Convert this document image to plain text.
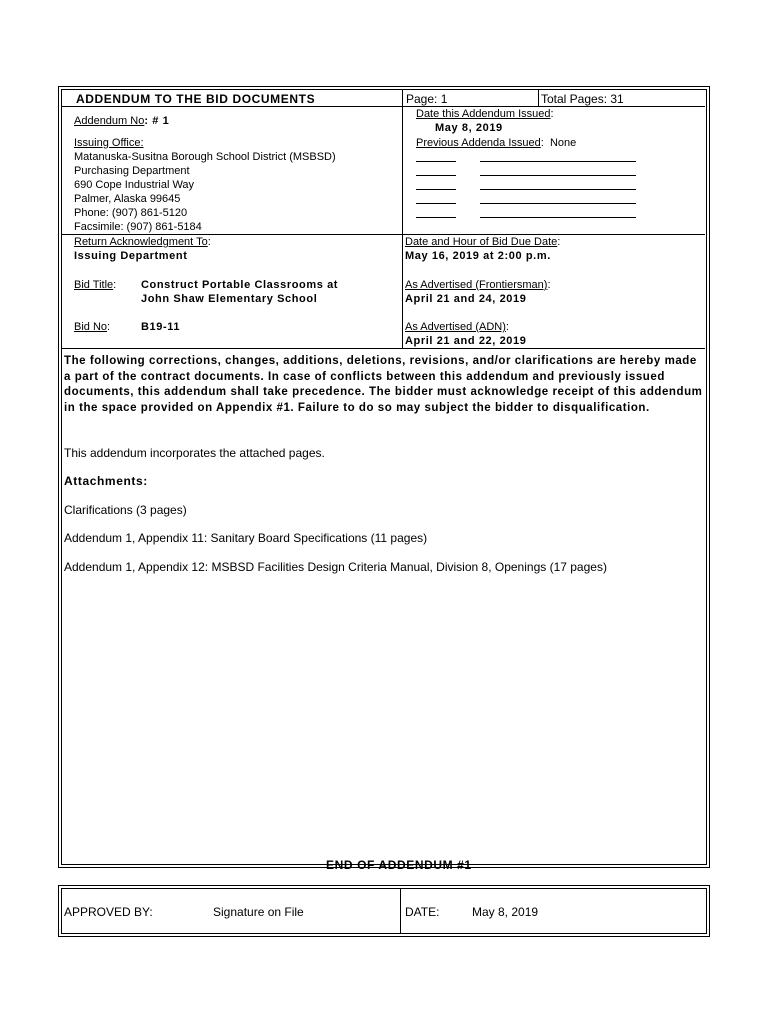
ADDENDUM TO THE BID DOCUMENTS	Page: 1	Total Pages: 31
Addendum No: # 1
Issuing Office:
Matanuska-Susitna Borough School District (MSBSD)
Purchasing Department
690 Cope Industrial Way
Palmer, Alaska 99645
Phone: (907) 861-5120
Facsimile: (907) 861-5184
Return Acknowledgment To:
Issuing Department
Bid Title: Construct Portable Classrooms at
John Shaw Elementary School
Bid No:	B19-11
Date this Addendum Issued:
May 8, 2019
Previous Addenda Issued:  None
Date and Hour of Bid Due Date:
May 16, 2019 at 2:00 p.m.
As Advertised (Frontiersman):
April 21 and 24, 2019
As Advertised (ADN):
April 21 and 22, 2019
The following corrections, changes, additions, deletions, revisions, and/or clarifications are hereby made a part of the contract documents. In case of conflicts between this addendum and previously issued documents, this addendum shall take precedence. The bidder must acknowledge receipt of this addendum in the space provided on Appendix #1. Failure to do so may subject the bidder to disqualification.
This addendum incorporates the attached pages.
Attachments:
Clarifications (3 pages)
Addendum 1, Appendix 11: Sanitary Board Specifications (11 pages)
Addendum 1, Appendix 12: MSBSD Facilities Design Criteria Manual, Division 8, Openings (17 pages)
END OF ADDENDUM #1
APPROVED BY:	Signature on File	DATE:	May 8, 2019
